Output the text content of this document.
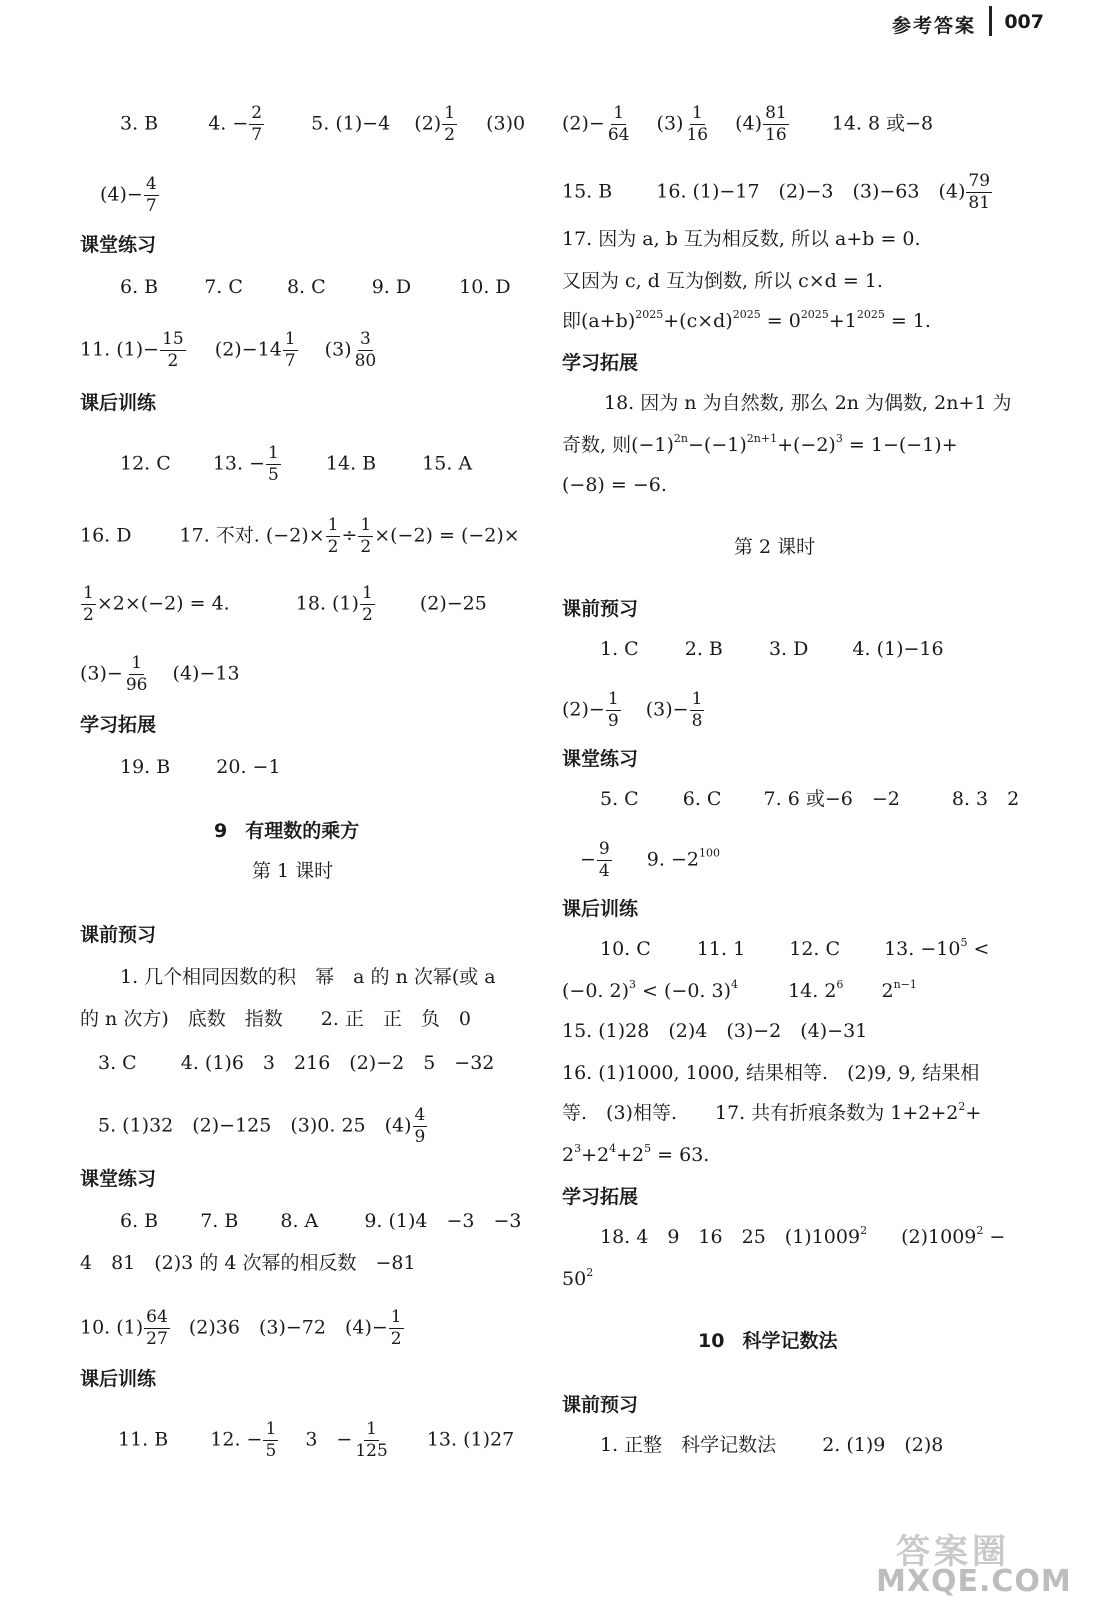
参考答案 007
3. B	4. − $\frac{2}{7} 5$. (1)−4 $(2) \frac{1}{2} (3)0$
$(4)- \frac{4}{7}$
课堂练习
6. B 7. C 8. C 9. D	10. D
11. $(1)- \frac{15}{2} (2)-14 \frac{1}{7} (3) \frac{3}{80}$
课后训练
12. C 13. − $\frac{1}{5} 14$. B 15. A
16. D	17. 不对. $(-2)\times \frac{1}{2} \div \frac{1}{2} \times(-2) = (-2)\times$
$\frac{1}{2} \times 2\times(-2) = 4$.	18. $(1) \frac{1}{2} (2)-25$
$(3)- \frac{1}{96} (4)-13$
学习拓展
19. B 20. −1
9 有理数的乘方
第 1 课时
课前预习
1. 几个相同因数的积　幂　a 的 n 次幂(或 a
的 n 次方)　底数　指数　　2. 正　正　负　0
3. C 4. (1)6　3　216　(2)−2　5　−32
5. (1)32　(2)−125　(3)0. 25　$(4) \frac{4}{9}$
课堂练习
6. B 7. B 8. A 9. (1)4　−3　−3
4　81　(2)3 的 4 次幂的相反数　−81
10. $(1) \frac{64}{27} (2)36$　(3)−72　$(4)- \frac{1}{2}$
课后训练
11. B 12. − $\frac{1}{5} 3$　− $\frac{1}{125} 13$. (1)27
$(2)- \frac{1}{64} (3) \frac{1}{16} (4) \frac{81}{16} 14$. 8 或−8
15. B 16. (1)−17　(2)−3　(3)−63　$(4) \frac{79}{81}$
17. 因为 a, b 互为相反数, 所以 a+b = 0.
又因为 c, d 互为倒数, 所以 c×d = 1.
即$(a+b)^{2025}+(c\times d)^{2025} = 0^{2025}+1^{2025} = 1$.
学习拓展
18. 因为 n 为自然数, 那么 2n 为偶数, 2n+1 为
奇数, 则$(-1)^{2n}-(-1)^{2n+1}+(-2)^3 = 1-(-1)+$
(−8) = −6.
第 2 课时
课前预习
1. C 2. B 3. D 4. (1)−16
$(2)- \frac{1}{9} (3)- \frac{1}{8}$
课堂练习
5. C 6. C 7. 6 或−6　−2	8. 3　2
− $\frac{9}{4} 9$. $-2^{100}$
课后训练
10. C 11. 1 12. C 13. $-10^5$ <
(−0. 2)$^3$ < (−0. 3)$^4$	14. $2^6$ $2^{n-1}$
15. (1)28　(2)4　(3)−2　(4)−31
16. (1)1000, 1000, 结果相等.　(2)9, 9, 结果相
等.　(3)相等.　　17. 共有折痕条数为 $1+2+2^2+$
$2^3+2^4+2^5 = 63$.
学习拓展
18. 4　9　16　25　(1)1009$^2$ $(2)1009^2$ −
$50^2$
10 科学记数法
课前预习
1. 正整　科学记数法 2. (1)9　(2)8
答案圈
MXQE.COM
